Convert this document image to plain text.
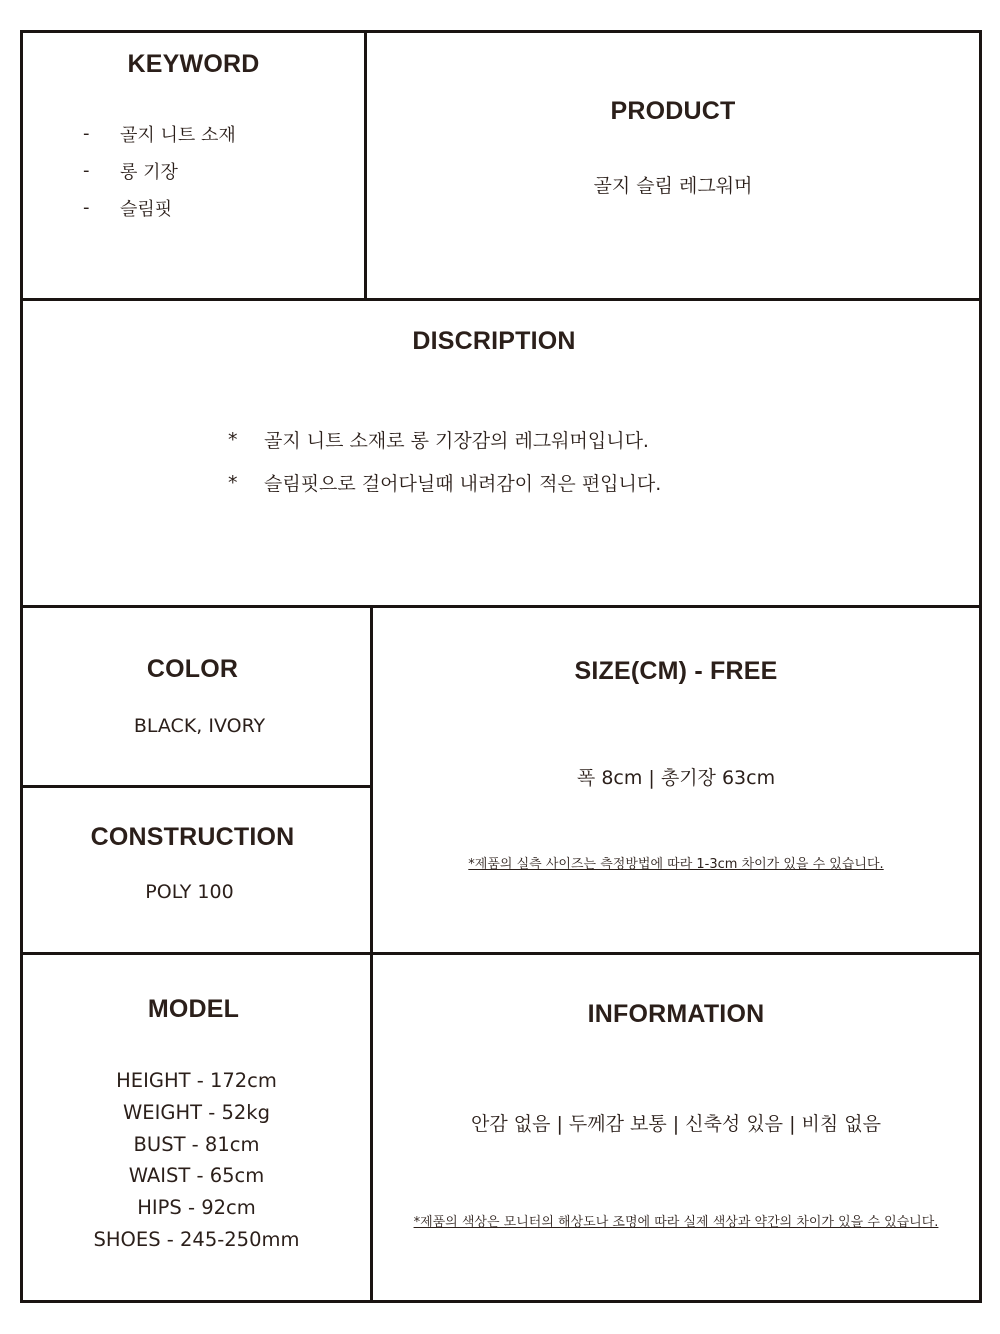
KEYWORD
-	골지 니트 소재
-	롱 기장
-	슬림핏
PRODUCT
골지 슬림 레그워머
DISCRIPTION
*	골지 니트 소재로 롱 기장감의 레그워머입니다.
*	슬림핏으로 걸어다닐때 내려감이 적은 편입니다.
COLOR
BLACK, IVORY
CONSTRUCTION
POLY 100
SIZE(CM) - FREE
폭 8cm | 총기장 63cm
*제품의 실측 사이즈는 측정방법에 따라 1-3cm 차이가 있을 수 있습니다.
MODEL
HEIGHT - 172cm
WEIGHT - 52kg
BUST - 81cm
WAIST - 65cm
HIPS - 92cm
SHOES - 245-250mm
INFORMATION
안감 없음 | 두께감 보통 | 신축성 있음 | 비침 없음
*제품의 색상은 모니터의 해상도나 조명에 따라 실제 색상과 약간의 차이가 있을 수 있습니다.
